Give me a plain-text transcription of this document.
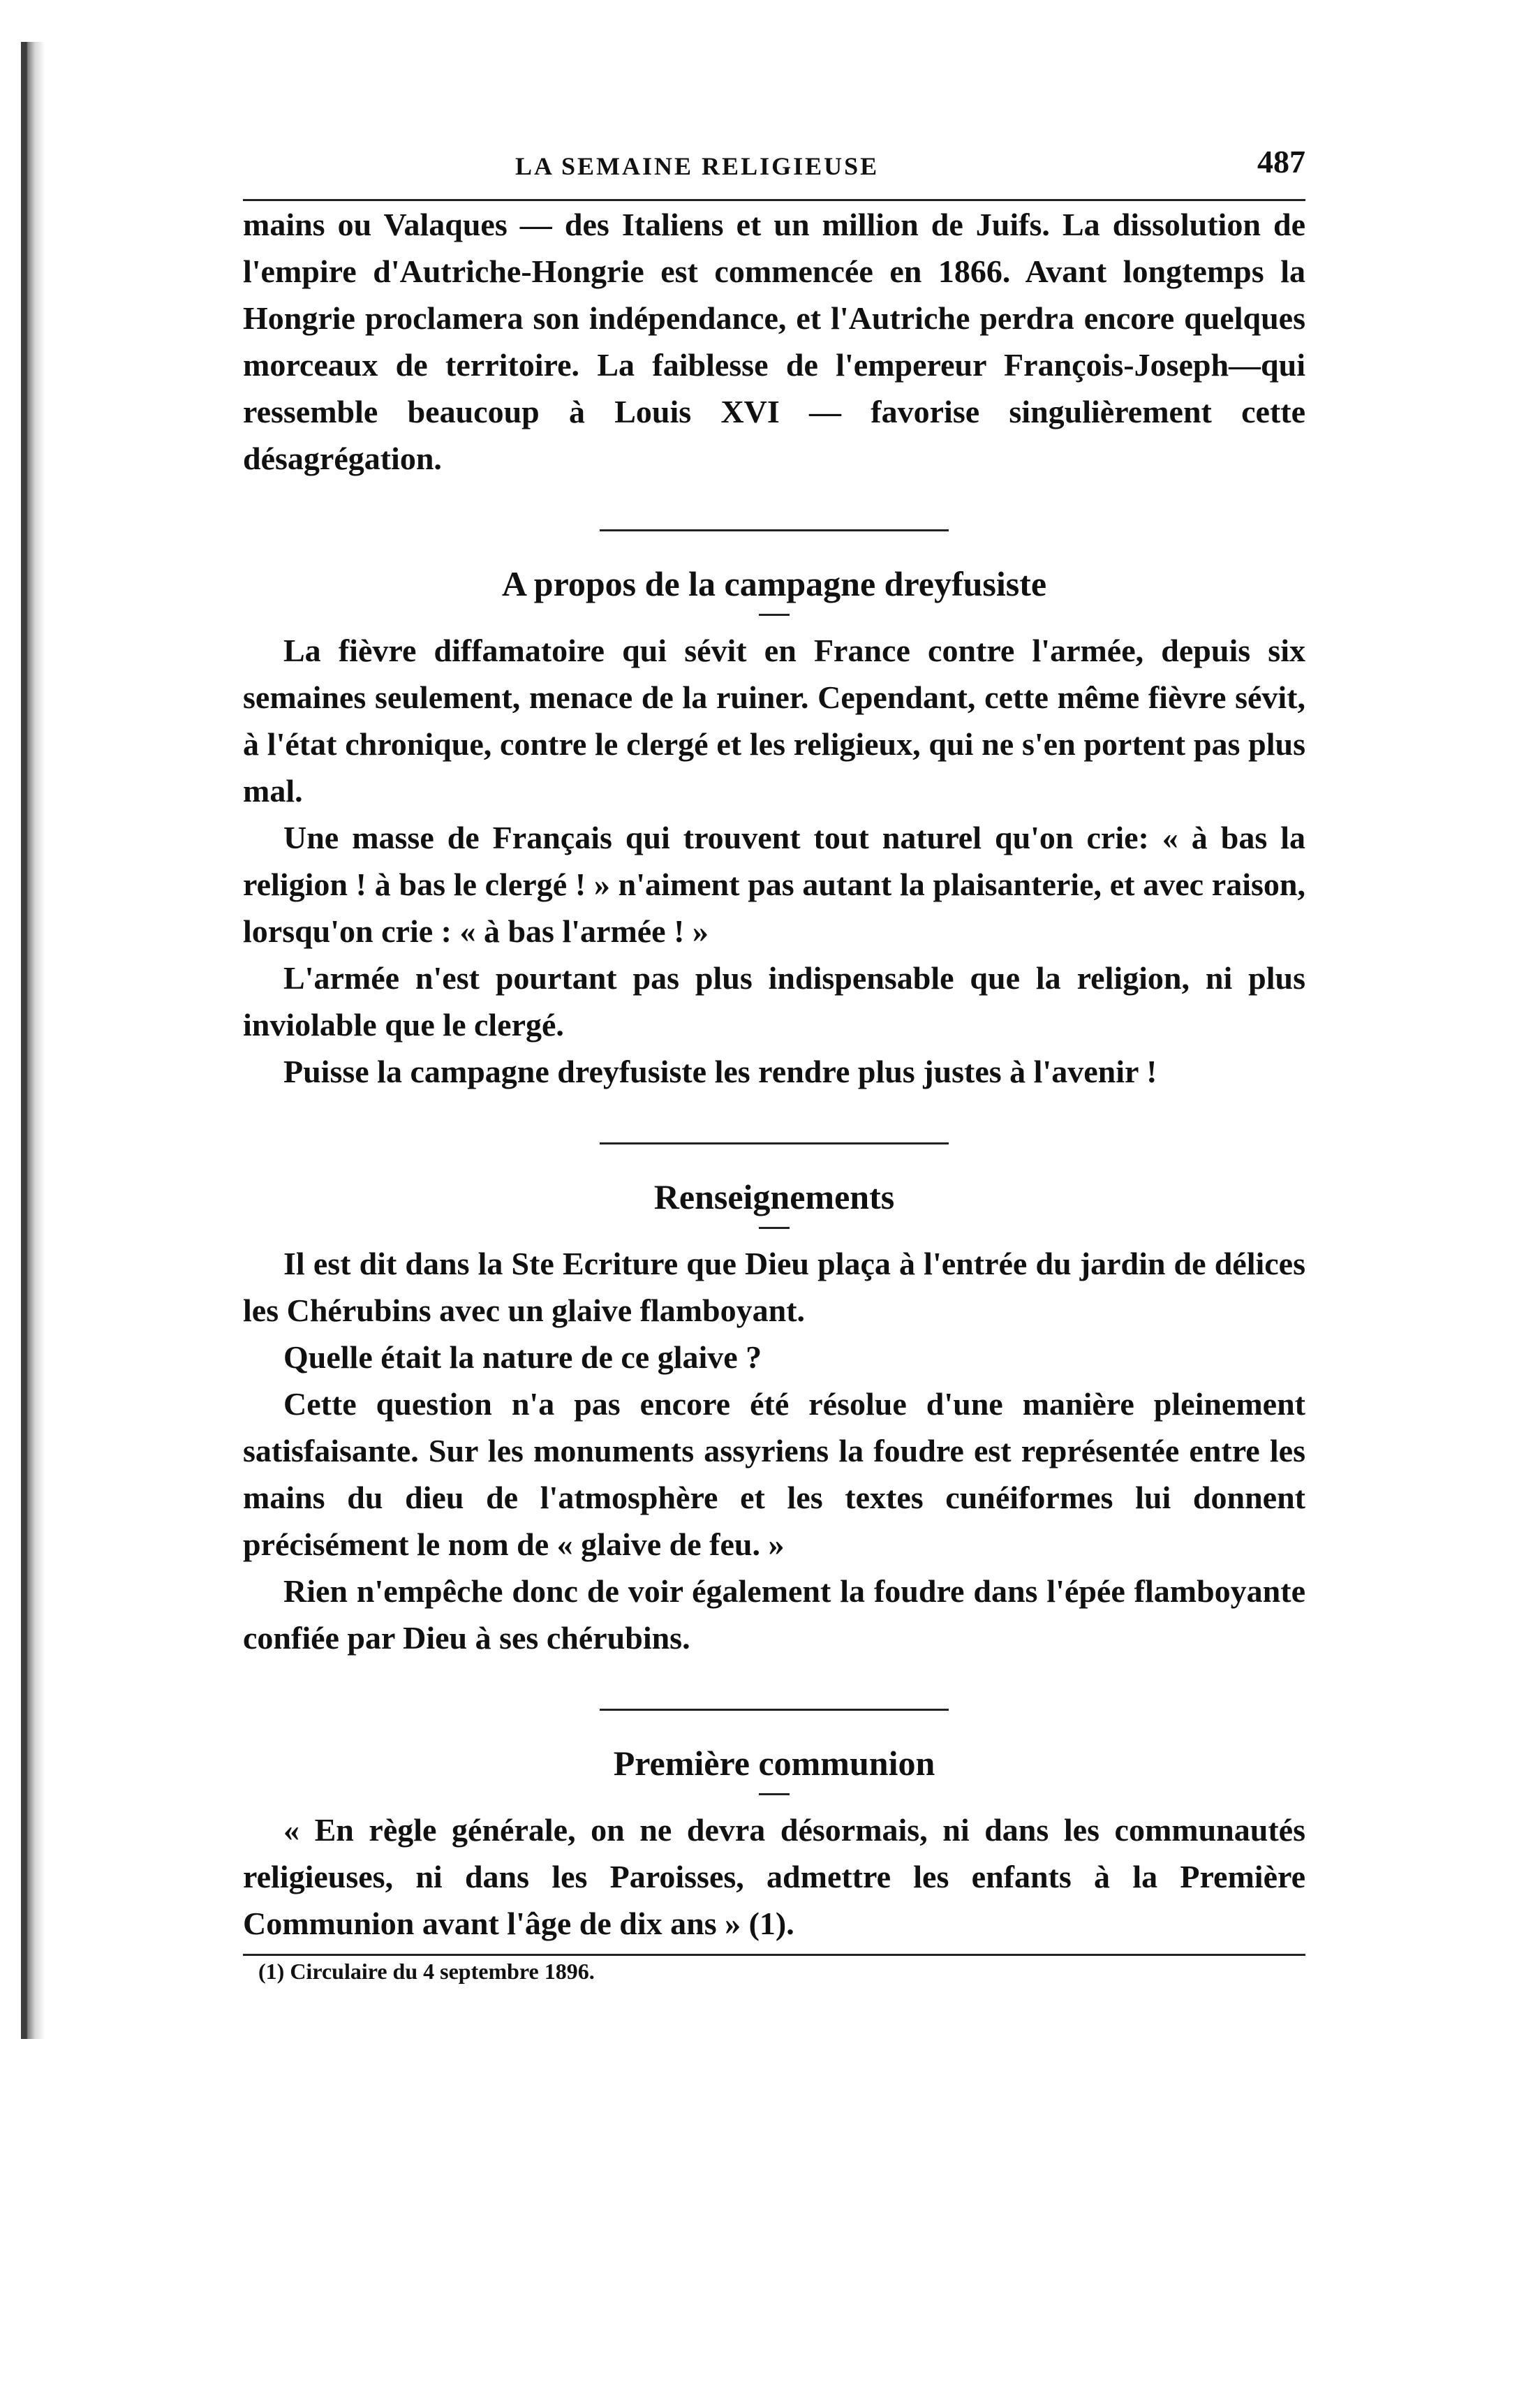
LA SEMAINE RELIGIEUSE	487

mains ou Valaques — des Italiens et un million de Juifs. La dissolution de l'empire d'Autriche-Hongrie est commencée en 1866. Avant longtemps la Hongrie proclamera son indépendance, et l'Autriche perdra encore quelques morceaux de territoire. La faiblesse de l'empereur François-Joseph—qui ressemble beaucoup à Louis XVI — favorise singulièrement cette désagrégation.

A propos de la campagne dreyfusiste

La fièvre diffamatoire qui sévit en France contre l'armée, depuis six semaines seulement, menace de la ruiner. Cependant, cette même fièvre sévit, à l'état chronique, contre le clergé et les religieux, qui ne s'en portent pas plus mal.

Une masse de Français qui trouvent tout naturel qu'on crie: « à bas la religion ! à bas le clergé ! » n'aiment pas autant la plaisanterie, et avec raison, lorsqu'on crie : « à bas l'armée ! »

L'armée n'est pourtant pas plus indispensable que la religion, ni plus inviolable que le clergé.

Puisse la campagne dreyfusiste les rendre plus justes à l'avenir !

Renseignements

Il est dit dans la Ste Ecriture que Dieu plaça à l'entrée du jardin de délices les Chérubins avec un glaive flamboyant.

Quelle était la nature de ce glaive ?

Cette question n'a pas encore été résolue d'une manière pleinement satisfaisante. Sur les monuments assyriens la foudre est représentée entre les mains du dieu de l'atmosphère et les textes cunéiformes lui donnent précisément le nom de « glaive de feu. »

Rien n'empêche donc de voir également la foudre dans l'épée flamboyante confiée par Dieu à ses chérubins.

Première communion

« En règle générale, on ne devra désormais, ni dans les communautés religieuses, ni dans les Paroisses, admettre les enfants à la Première Communion avant l'âge de dix ans » (1).

(1) Circulaire du 4 septembre 1896.
